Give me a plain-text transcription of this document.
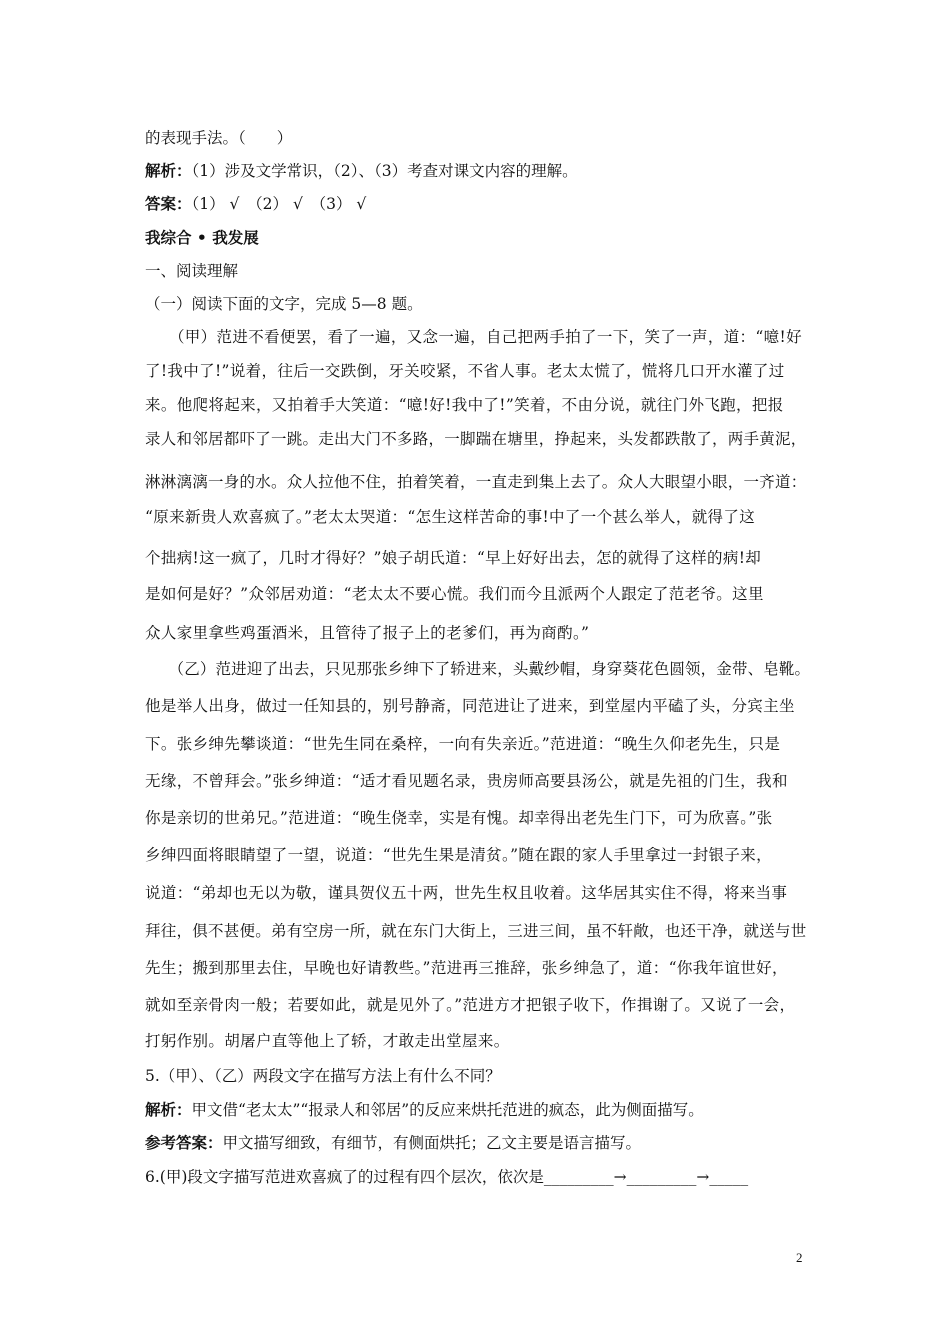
的表现手法。（　　）
解析：（1）涉及文学常识，（2）、（3）考查对课文内容的理解。
答案：（1） √　（2） √　（3） √
我综合 • 我发展
一、阅读理解
（一）阅读下面的文字，完成 5—8 题。
　　（甲）范进不看便罢，看了一遍，又念一遍，自己把两手拍了一下，笑了一声，道：“噫!好
了!我中了!”说着，往后一交跌倒，牙关咬紧，不省人事。老太太慌了，慌将几口开水灌了过
来。他爬将起来，又拍着手大笑道：“噫!好!我中了!”笑着，不由分说，就往门外飞跑，把报
录人和邻居都吓了一跳。走出大门不多路，一脚踹在塘里，挣起来，头发都跌散了，两手黄泥，
淋淋漓漓一身的水。众人拉他不住，拍着笑着，一直走到集上去了。众人大眼望小眼，一齐道：
“原来新贵人欢喜疯了。”老太太哭道：“怎生这样苦命的事!中了一个甚么举人，就得了这
个拙病!这一疯了，几时才得好？”娘子胡氏道：“早上好好出去，怎的就得了这样的病!却
是如何是好？”众邻居劝道：“老太太不要心慌。我们而今且派两个人跟定了范老爷。这里
众人家里拿些鸡蛋酒米，且管待了报子上的老爹们，再为商酌。”
　　（乙）范进迎了出去，只见那张乡绅下了轿进来，头戴纱帽，身穿葵花色圆领，金带、皂靴。
他是举人出身，做过一任知县的，别号静斋，同范进让了进来，到堂屋内平磕了头，分宾主坐
下。张乡绅先攀谈道：“世先生同在桑梓，一向有失亲近。”范进道：“晚生久仰老先生，只是
无缘，不曾拜会。”张乡绅道：“适才看见题名录，贵房师高要县汤公，就是先祖的门生，我和
你是亲切的世弟兄。”范进道：“晚生侥幸，实是有愧。却幸得出老先生门下，可为欣喜。”张
乡绅四面将眼睛望了一望，说道：“世先生果是清贫。”随在跟的家人手里拿过一封银子来，
说道：“弟却也无以为敬，谨具贺仪五十两，世先生权且收着。这华居其实住不得，将来当事
拜往，俱不甚便。弟有空房一所，就在东门大街上，三进三间，虽不轩敞，也还干净，就送与世
先生；搬到那里去住，早晚也好请教些。”范进再三推辞，张乡绅急了，道：“你我年谊世好，
就如至亲骨肉一般；若要如此，就是见外了。”范进方才把银子收下，作揖谢了。又说了一会，
打躬作别。胡屠户直等他上了轿，才敢走出堂屋来。
5.（甲）、（乙）两段文字在描写方法上有什么不同？
解析：甲文借“老太太”“报录人和邻居”的反应来烘托范进的疯态，此为侧面描写。
参考答案：甲文描写细致，有细节，有侧面烘托；乙文主要是语言描写。
6.(甲)段文字描写范进欢喜疯了的过程有四个层次，依次是_________→_________→_____
2
